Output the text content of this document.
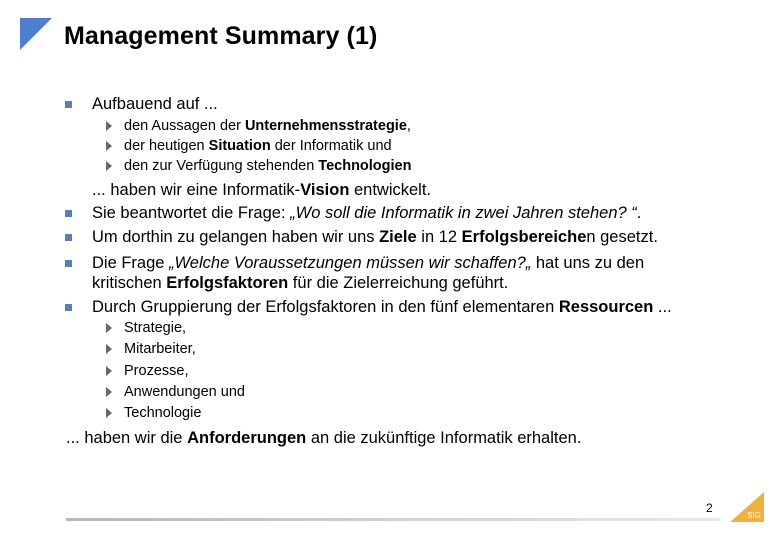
Management Summary (1)
Aufbauend auf ...
den Aussagen der Unternehmensstrategie,
der heutigen Situation der Informatik und
den zur Verfügung stehenden Technologien
... haben wir eine Informatik-Vision entwickelt.
Sie beantwortet die Frage: „Wo soll die Informatik in zwei Jahren stehen? “.
Um dorthin zu gelangen haben wir uns Ziele in 12 Erfolgsbereichen gesetzt.
Die Frage „Welche Voraussetzungen müssen wir schaffen?„ hat uns zu den
kritischen Erfolgsfaktoren für die Zielerreichung geführt.
Durch Gruppierung der Erfolgsfaktoren in den fünf elementaren Ressourcen ...
Strategie,
Mitarbeiter,
Prozesse,
Anwendungen und
Technologie
... haben wir die Anforderungen an die zukünftige Informatik erhalten.
2
SIG
